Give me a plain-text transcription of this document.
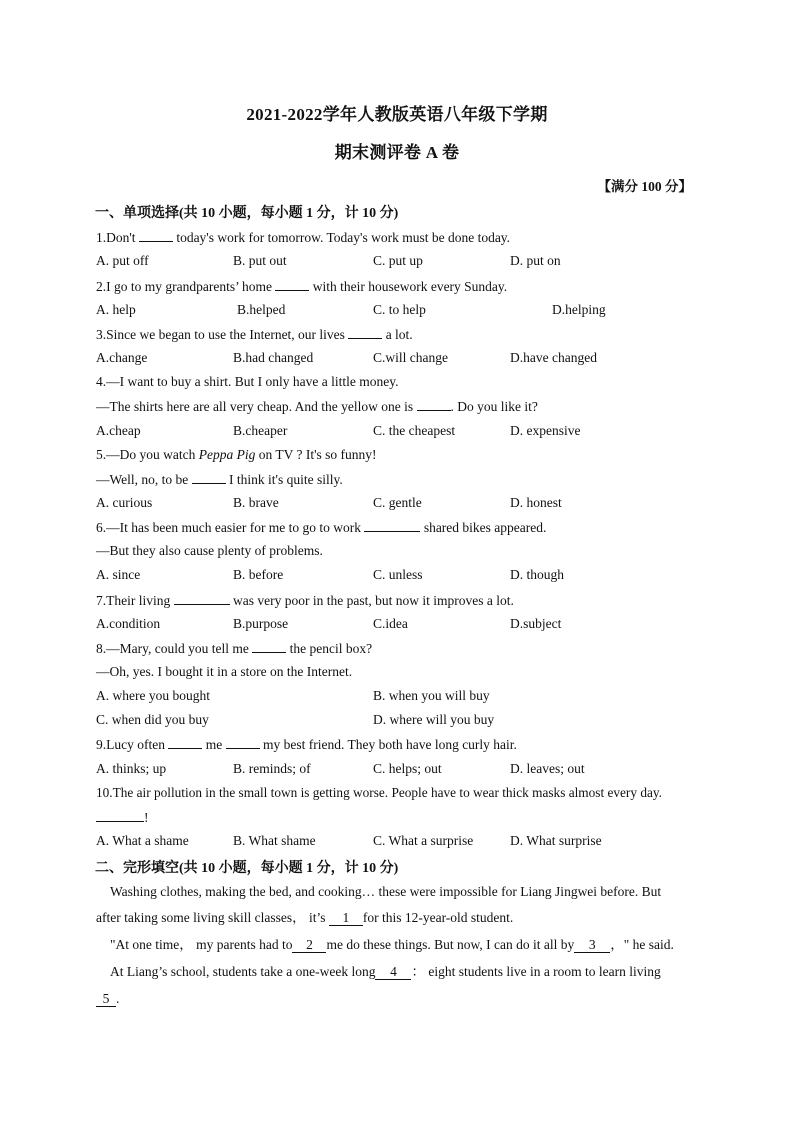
2021-2022学年人教版英语八年级下学期
期末测评卷 A 卷
【满分 100 分】
一、单项选择(共 10 小题，每小题 1 分，计 10 分)
1.Don't	today's work for tomorrow. Today's work must be done today.
A. put off	B. put out	C. put up	D. put on
2.I go to my grandparents’ home	with their housework every Sunday.
A. help	B.helped	C. to help	D.helping
3.Since we began to use the Internet, our lives	a lot.
A.change	B.had changed	C.will change	D.have changed
4.—I want to buy a shirt. But I only have a little money.
—The shirts here are all very cheap. And the yellow one is	. Do you like it?
A.cheap	B.cheaper	C. the cheapest	D. expensive
5.—Do you watch Peppa Pig on TV ? It's so funny!
—Well, no, to be	I think it's quite silly.
A. curious	B. brave	C. gentle	D. honest
6.—It has been much easier for me to go to work	shared bikes appeared.
—But they also cause plenty of problems.
A. since	B. before	C. unless	D. though
7.Their living	was very poor in the past, but now it improves a lot.
A.condition	B.purpose	C.idea	D.subject
8.—Mary, could you tell me	the pencil box?
—Oh, yes. I bought it in a store on the Internet.
A. where you bought	B. when you will buy
C. when did you buy	D. where will you buy
9.Lucy often	me	my best friend. They both have long curly hair.
A. thinks; up	B. reminds; of	C. helps; out	D. leaves; out
10.The air pollution in the small town is getting worse. People have to wear thick masks almost every day.
!
A. What a shame	B. What shame	C. What a surprise	D. What surprise
二、完形填空(共 10 小题，每小题 1 分，计 10 分)
Washing clothes, making the bed, and cooking… these were impossible for Liang Jingwei before. But
after taking some living skill classes， it’s 1 for this 12-year-old student.
"At one time， my parents had to 2 me do these things. But now, I can do it all by 3 ，" he said.
At Liang’s school, students take a one-week long 4 ： eight students live in a room to learn living
5 .
